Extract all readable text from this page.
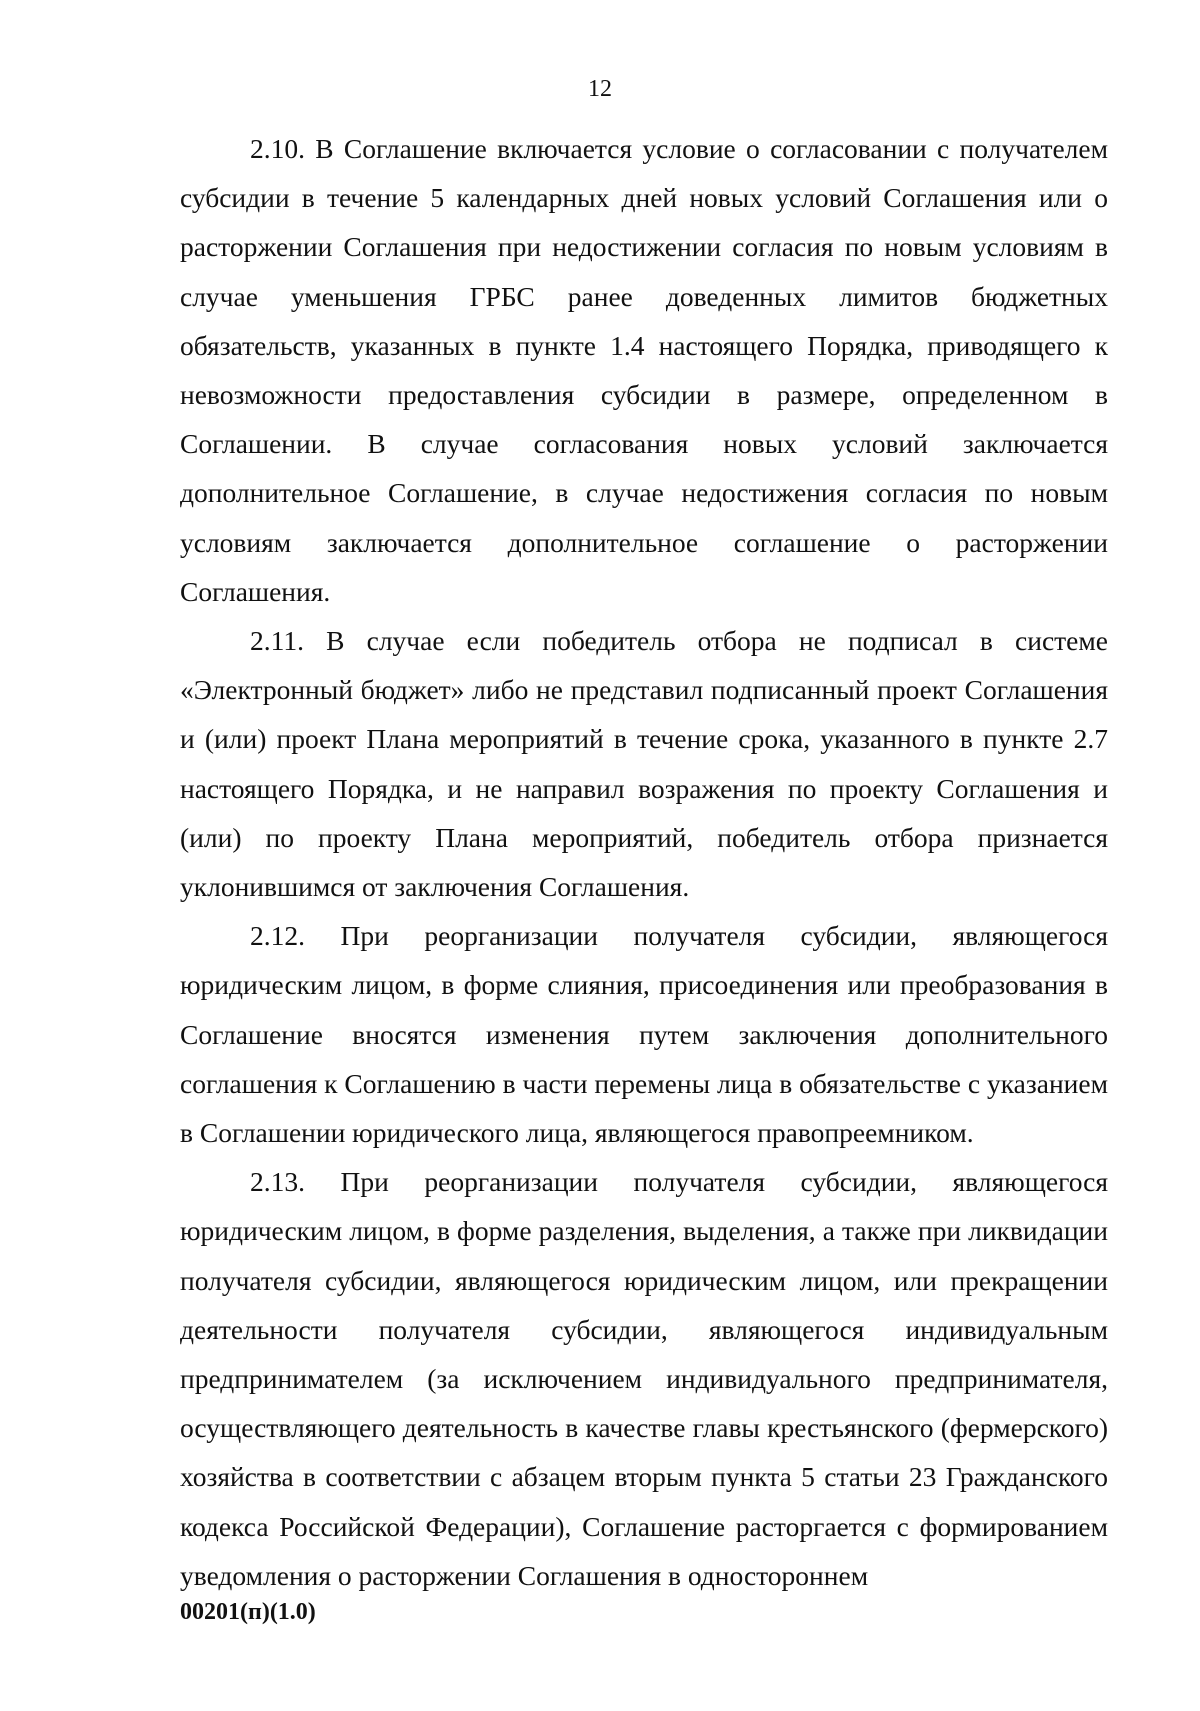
12

2.10. В Соглашение включается условие о согласовании с получателем субсидии в течение 5 календарных дней новых условий Соглашения или о расторжении Соглашения при недостижении согласия по новым условиям в случае уменьшения ГРБС ранее доведенных лимитов бюджетных обязательств, указанных в пункте 1.4 настоящего Порядка, приводящего к невозможности предоставления субсидии в размере, определенном в Соглашении. В случае согласования новых условий заключается дополнительное Соглашение, в случае недостижения согласия по новым условиям заключается дополнительное соглашение о расторжении Соглашения.

2.11. В случае если победитель отбора не подписал в системе «Электронный бюджет» либо не представил подписанный проект Соглашения и (или) проект Плана мероприятий в течение срока, указанного в пункте 2.7 настоящего Порядка, и не направил возражения по проекту Соглашения и (или) по проекту Плана мероприятий, победитель отбора признается уклонившимся от заключения Соглашения.

2.12. При реорганизации получателя субсидии, являющегося юридическим лицом, в форме слияния, присоединения или преобразования в Соглашение вносятся изменения путем заключения дополнительного соглашения к Соглашению в части перемены лица в обязательстве с указанием в Соглашении юридического лица, являющегося правопреемником.

2.13. При реорганизации получателя субсидии, являющегося юридическим лицом, в форме разделения, выделения, а также при ликвидации получателя субсидии, являющегося юридическим лицом, или прекращении деятельности получателя субсидии, являющегося индивидуальным предпринимателем (за исключением индивидуального предпринимателя, осуществляющего деятельность в качестве главы крестьянского (фермерского) хозяйства в соответствии с абзацем вторым пункта 5 статьи 23 Гражданского кодекса Российской Федерации), Соглашение расторгается с формированием уведомления о расторжении Соглашения в одностороннем

00201(п)(1.0)
